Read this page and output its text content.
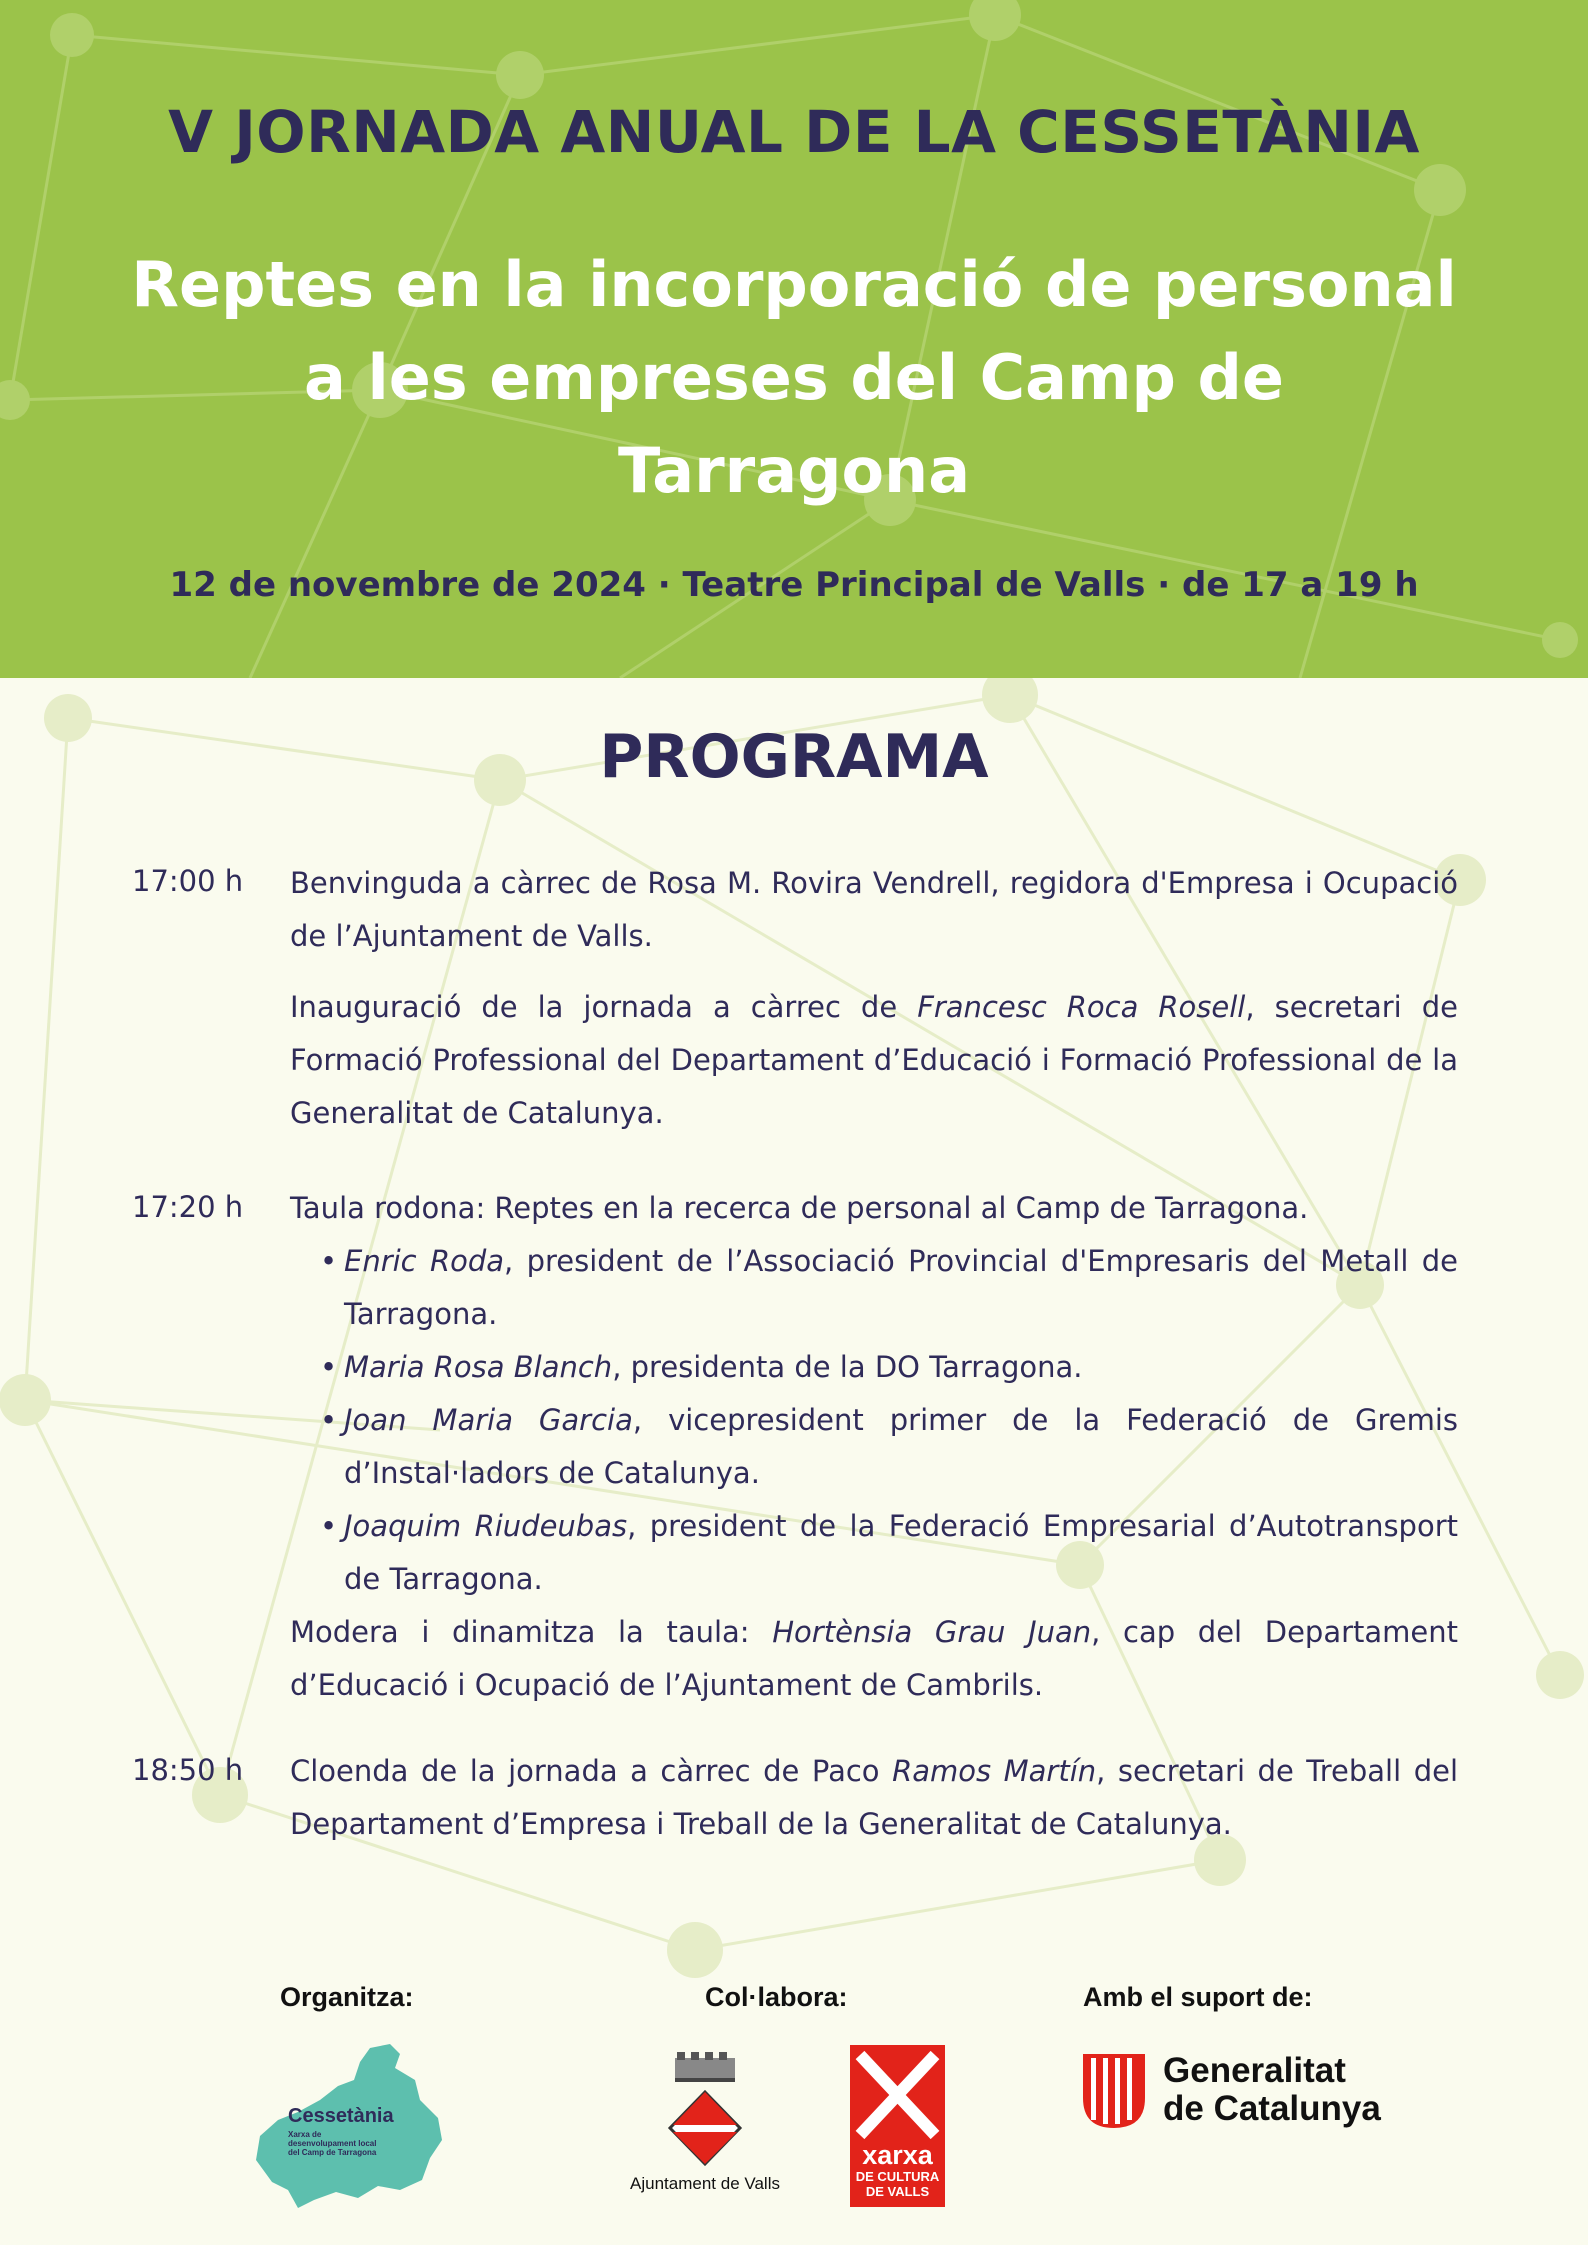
V JORNADA ANUAL DE LA CESSETÀNIA
Reptes en la incorporació de personal
a les empreses del Camp de
Tarragona
12 de novembre de 2024 · Teatre Principal de Valls · de 17 a 19 h
PROGRAMA
17:00 h Benvinguda a càrrec de Rosa M. Rovira Vendrell, regidora d'Empresa i Ocupació de l’Ajuntament de Valls.

Inauguració de la jornada a càrrec de Francesc Roca Rosell, secretari de Formació Professional del Departament d’Educació i Formació Professional de la Generalitat de Catalunya.

17:20 h Taula rodona: Reptes en la recerca de personal al Camp de Tarragona.

• Enric Roda, president de l’Associació Provincial d'Empresaris del Metall de Tarragona.
• Maria Rosa Blanch, presidenta de la DO Tarragona.
• Joan Maria Garcia, vicepresident primer de la Federació de Gremis d’Instal·ladors de Catalunya.
• Joaquim Riudeubas, president de la Federació Empresarial d’Autotransport de Tarragona.

Modera i dinamitza la taula: Hortènsia Grau Juan, cap del Departament d’Educació i Ocupació de l’Ajuntament de Cambrils.

18:50 h Cloenda de la jornada a càrrec de Paco Ramos Martín, secretari de Treball del Departament d’Empresa i Treball de la Generalitat de Catalunya.

Organitza:	Col·labora:	Amb el suport de:
Cessetània
Xarxa de
desenvolupament local
del Camp de Tarragona
Ajuntament de Valls
xarxa
DE CULTURA
DE VALLS
Generalitat
de Catalunya
